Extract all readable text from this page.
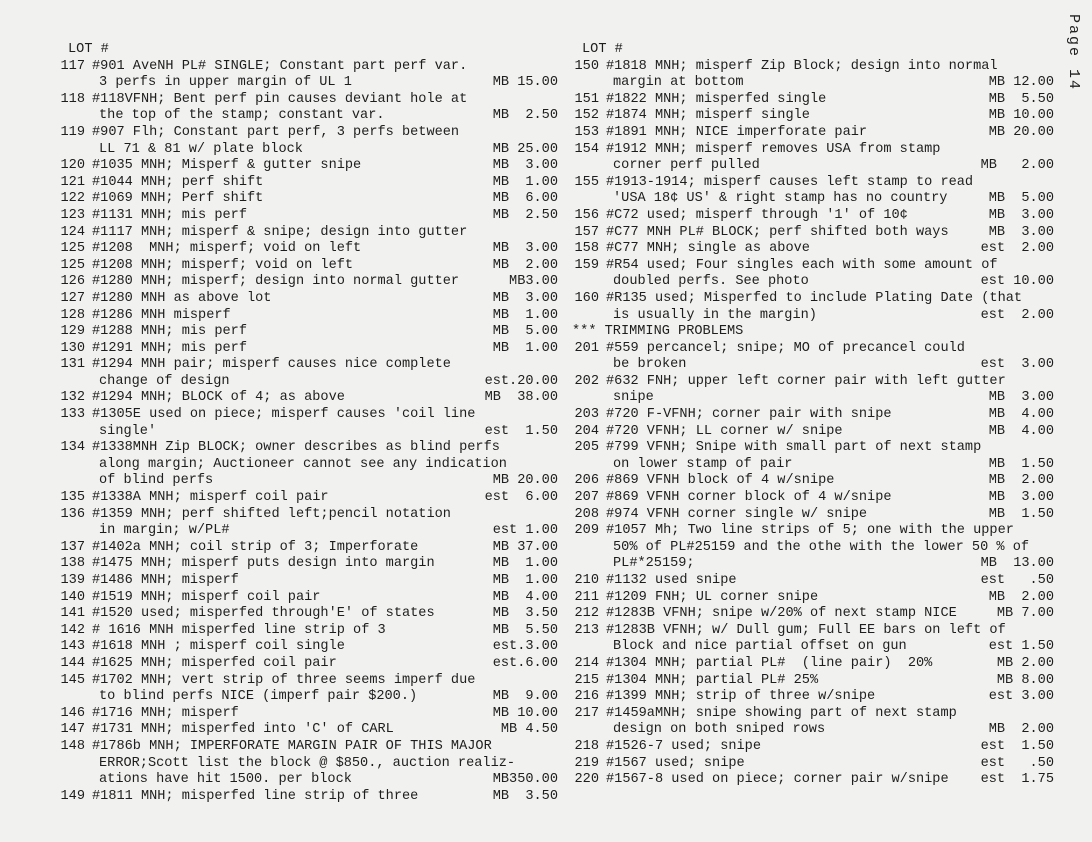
LOT #
117 #901 AveNH PL# SINGLE; Constant part perf var.
3 perfs in upper margin of UL 1	MB 15.00
118 #118VFNH; Bent perf pin causes deviant hole at
the top of the stamp; constant var.	MB  2.50
119 #907 Flh; Constant part perf, 3 perfs between
LL 71 & 81 w/ plate block	MB 25.00
120 #1035 MNH; Misperf & gutter snipe	MB  3.00
121 #1044 MNH; perf shift	MB  1.00
122 #1069 MNH; Perf shift	MB  6.00
123 #1131 MNH; mis perf	MB  2.50
124 #1117 MNH; misperf & snipe; design into gutter
125 #1208  MNH; misperf; void on left	MB  3.00
125 #1208 MNH; misperf; void on left	MB  2.00
126 #1280 MNH; misperf; design into normal gutter	MB3.00
127 #1280 MNH as above lot	MB  3.00
128 #1286 MNH misperf	MB  1.00
129 #1288 MNH; mis perf	MB  5.00
130 #1291 MNH; mis perf	MB  1.00
131 #1294 MNH pair; misperf causes nice complete
change of design	est.20.00
132 #1294 MNH; BLOCK of 4; as above	MB  38.00
133 #1305E used on piece; misperf causes 'coil line
single'	est  1.50
134 #1338MNH Zip BLOCK; owner describes as blind perfs
along margin; Auctioneer cannot see any indication
of blind perfs	MB 20.00
135 #1338A MNH; misperf coil pair	est  6.00
136 #1359 MNH; perf shifted left;pencil notation
in margin; w/PL#	est 1.00
137 #1402a MNH; coil strip of 3; Imperforate	MB 37.00
138 #1475 MNH; misperf puts design into margin	MB  1.00
139 #1486 MNH; misperf	MB  1.00
140 #1519 MNH; misperf coil pair	MB  4.00
141 #1520 used; misperfed through'E' of states	MB  3.50
142 # 1616 MNH misperfed line strip of 3	MB  5.50
143 #1618 MNH ; misperf coil single	est.3.00
144 #1625 MNH; misperfed coil pair	est.6.00
145 #1702 MNH; vert strip of three seems imperf due
to blind perfs NICE (imperf pair $200.)	MB  9.00
146 #1716 MNH; misperf	MB 10.00
147 #1731 MNH; misperfed into 'C' of CARL	MB 4.50
148 #1786b MNH; IMPERFORATE MARGIN PAIR OF THIS MAJOR
ERROR;Scott list the block @ $850., auction realiz-
ations have hit 1500. per block	MB350.00
149 #1811 MNH; misperfed line strip of three	MB  3.50
LOT #
150 #1818 MNH; misperf Zip Block; design into normal
margin at bottom	MB 12.00
151 #1822 MNH; misperfed single	MB  5.50
152 #1874 MNH; misperf single	MB 10.00
153 #1891 MNH; NICE imperforate pair	MB 20.00
154 #1912 MNH; misperf removes USA from stamp
corner perf pulled	MB   2.00
155 #1913-1914; misperf causes left stamp to read
'USA 18¢ US' & right stamp has no country	MB  5.00
156 #C72 used; misperf through '1' of 10¢	MB  3.00
157 #C77 MNH PL# BLOCK; perf shifted both ways	MB  3.00
158 #C77 MNH; single as above	est  2.00
159 #R54 used; Four singles each with some amount of
doubled perfs. See photo	est 10.00
160 #R135 used; Misperfed to include Plating Date (that
is usually in the margin)	est  2.00
*** TRIMMING PROBLEMS
201 #559 percancel; snipe; MO of precancel could
be broken	est  3.00
202 #632 FNH; upper left corner pair with left gutter
snipe	MB  3.00
203 #720 F-VFNH; corner pair with snipe	MB  4.00
204 #720 VFNH; LL corner w/ snipe	MB  4.00
205 #799 VFNH; Snipe with small part of next stamp
on lower stamp of pair	MB  1.50
206 #869 VFNH block of 4 w/snipe	MB  2.00
207 #869 VFNH corner block of 4 w/snipe	MB  3.00
208 #974 VFNH corner single w/ snipe	MB  1.50
209 #1057 Mh; Two line strips of 5; one with the upper
50% of PL#25159 and the othe with the lower 50 % of
PL#*25159;	MB  13.00
210 #1132 used snipe	est   .50
211 #1209 FNH; UL corner snipe	MB  2.00
212 #1283B VFNH; snipe w/20% of next stamp NICE	MB 7.00
213 #1283B VFNH; w/ Dull gum; Full EE bars on left of
Block and nice partial offset on gun	est 1.50
214 #1304 MNH; partial PL#  (line pair)  20%	MB 2.00
215 #1304 MNH; partial PL# 25%	MB 8.00
216 #1399 MNH; strip of three w/snipe	est 3.00
217 #1459aMNH; snipe showing part of next stamp
design on both sniped rows	MB  2.00
218 #1526-7 used; snipe	est  1.50
219 #1567 used; snipe	est   .50
220 #1567-8 used on piece; corner pair w/snipe	est  1.75
Page 14
